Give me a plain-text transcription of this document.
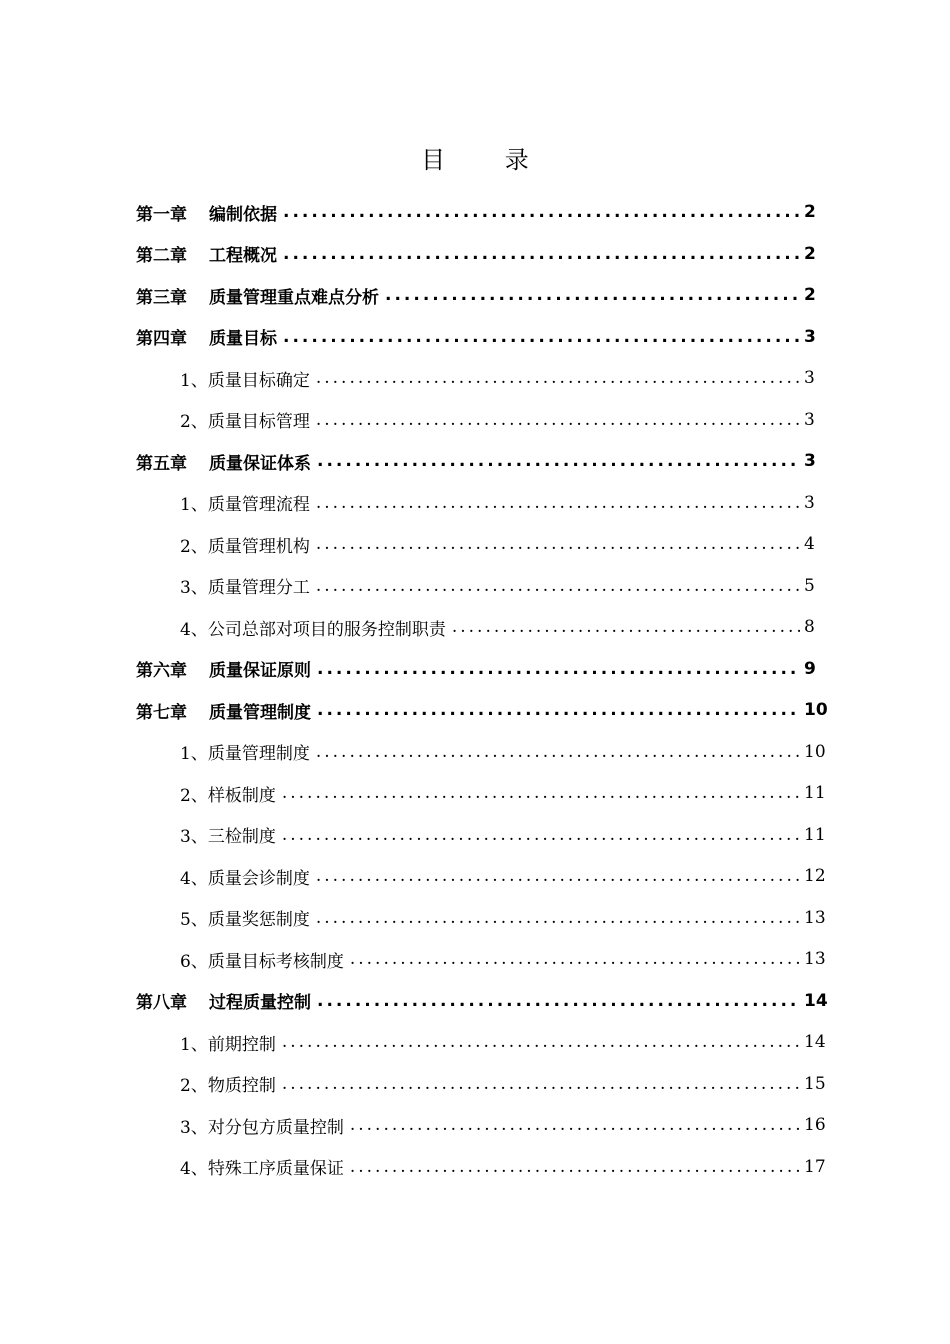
目 录
第一章 编制依据 .....	2
第二章 工程概况 .....	2
第三章 质量管理重点难点分析 .....	2
第四章 质量目标 .....	3
1、 质量目标确定 .....	3
2、 质量目标管理 .....	3
第五章 质量保证体系 .....	3
1、 质量管理流程 .....	3
2、 质量管理机构 .....	4
3、 质量管理分工 .....	5
4、 公司总部对项目的服务控制职责 .....	8
第六章 质量保证原则 .....	9
第七章 质量管理制度 .....	10
1、 质量管理制度 .....	10
2、 样板制度 .....	11
3、 三检制度 .....	11
4、 质量会诊制度 .....	12
5、 质量奖惩制度 .....	13
6、 质量目标考核制度 .....	13
第八章 过程质量控制 .....	14
1、 前期控制 .....	14
2、 物质控制 .....	15
3、 对分包方质量控制 .....	16
4、 特殊工序质量保证 .....	17
